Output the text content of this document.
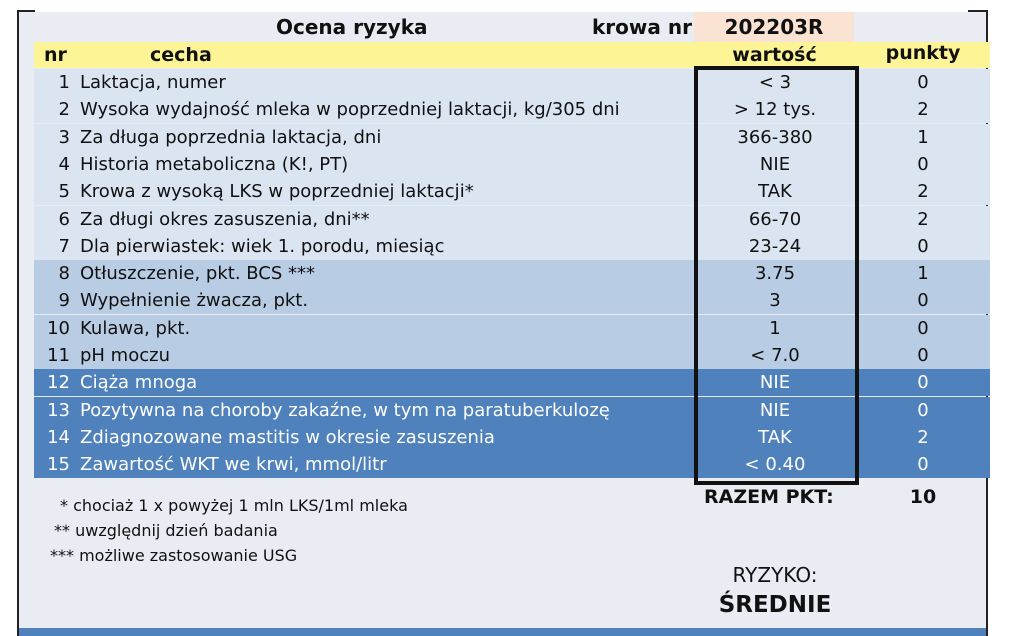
Ocena ryzyka	krowa nr	202203R
nr	cecha	wartość	punkty
1 Laktacja, numer	< 3	0
2 Wysoka wydajność mleka w poprzedniej laktacji, kg/305 dni	> 12 tys.	2
3 Za długa poprzednia laktacja, dni	366-380	1
4 Historia metaboliczna (K!, PT)	NIE	0
5 Krowa z wysoką LKS w poprzedniej laktacji*	TAK	2
6 Za długi okres zasuszenia, dni**	66-70	2
7 Dla pierwiastek: wiek 1. porodu, miesiąc	23-24	0
8 Otłuszczenie, pkt. BCS ***	3.75	1
9 Wypełnienie żwacza, pkt.	3	0
10 Kulawa, pkt.	1	0
11 pH moczu	< 7.0	0
12 Ciąża mnoga	NIE	0
13 Pozytywna na choroby zakaźne, w tym na paratuberkulozę	NIE	0
14 Zdiagnozowane mastitis w okresie zasuszenia	TAK	2
15 Zawartość WKT we krwi, mmol/litr	< 0.40	0
* chociaż 1 x powyżej 1 mln LKS/1ml mleka
** uwzględnij dzień badania
*** możliwe zastosowanie USG
RAZEM PKT:	10
RYZYKO:
ŚREDNIE
